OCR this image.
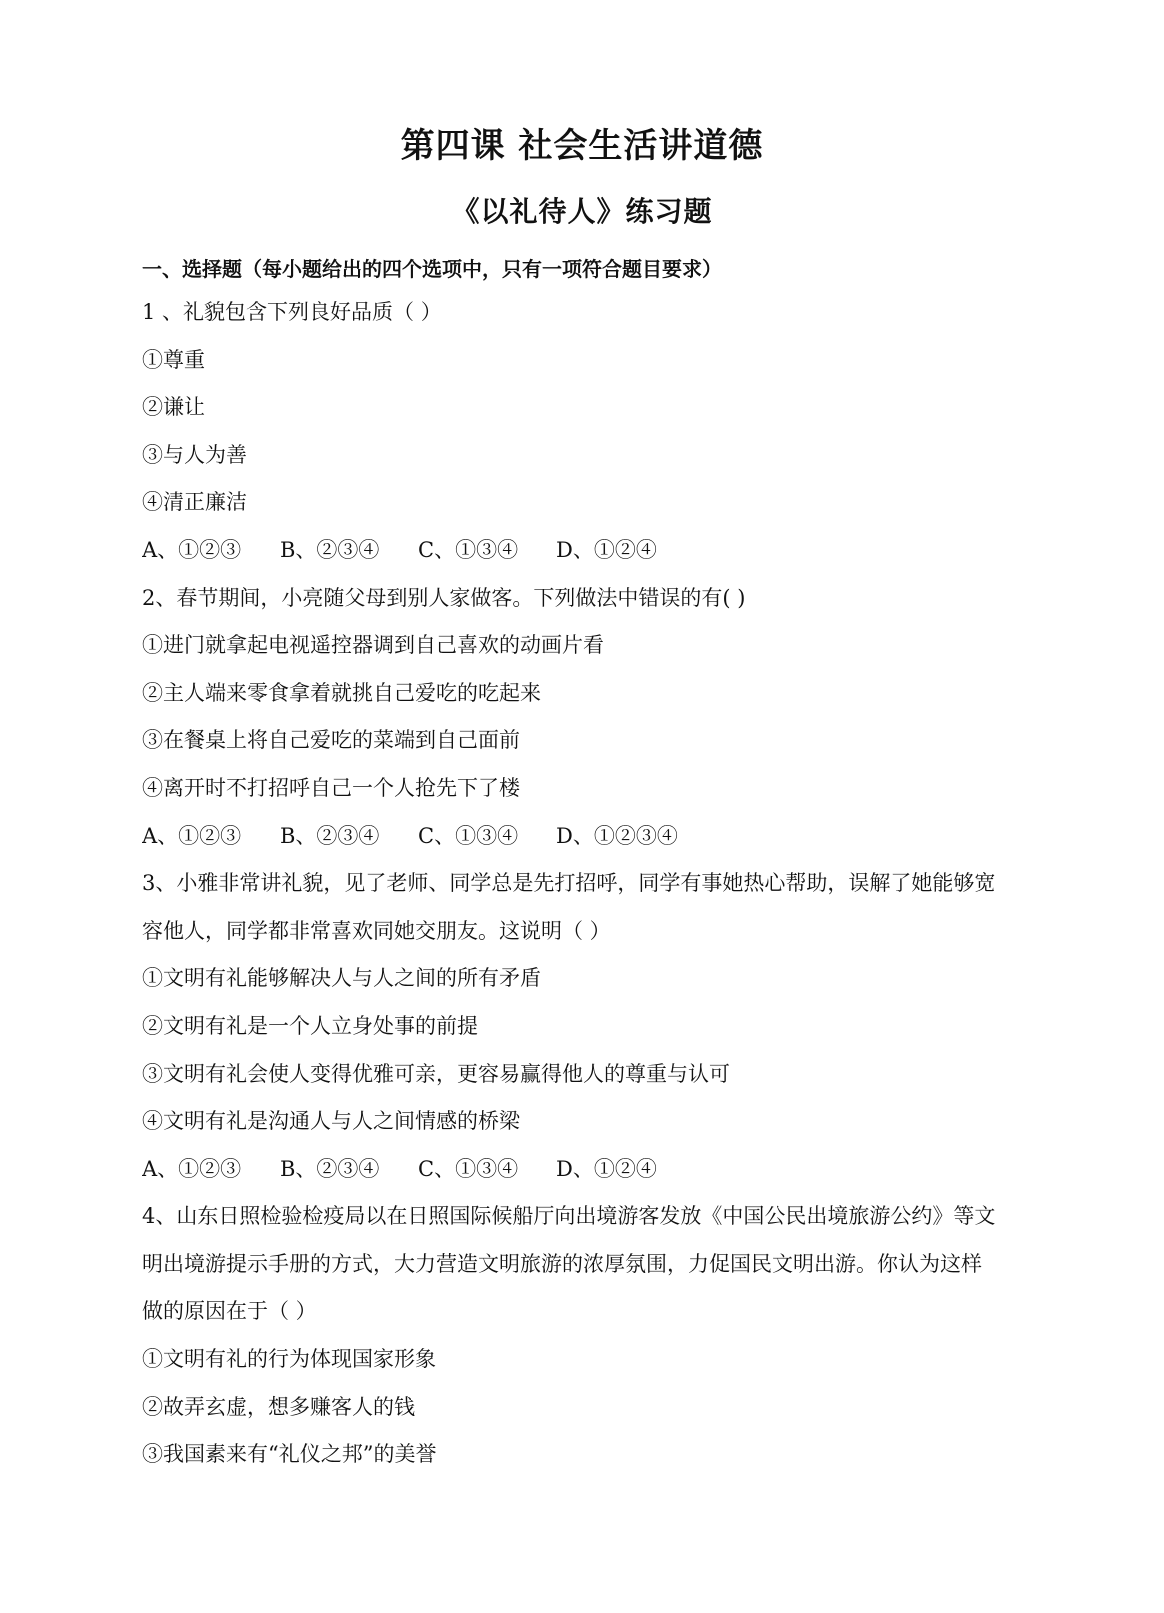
第四课 社会生活讲道德
《以礼待人》练习题
一、选择题（每小题给出的四个选项中，只有一项符合题目要求）
1 、礼貌包含下列良好品质（ ）
①尊重
②谦让
③与人为善
④清正廉洁
A、①②③	B、②③④	C、①③④	D、①②④
2、春节期间，小亮随父母到别人家做客。下列做法中错误的有( )
①进门就拿起电视遥控器调到自己喜欢的动画片看
②主人端来零食拿着就挑自己爱吃的吃起来
③在餐桌上将自己爱吃的菜端到自己面前
④离开时不打招呼自己一个人抢先下了楼
A、①②③	B、②③④	C、①③④	D、①②③④
3、小雅非常讲礼貌，见了老师、同学总是先打招呼，同学有事她热心帮助，误解了她能够宽
容他人，同学都非常喜欢同她交朋友。这说明（ ）
①文明有礼能够解决人与人之间的所有矛盾
②文明有礼是一个人立身处事的前提
③文明有礼会使人变得优雅可亲，更容易赢得他人的尊重与认可
④文明有礼是沟通人与人之间情感的桥梁
A、①②③	B、②③④	C、①③④	D、①②④
4、山东日照检验检疫局以在日照国际候船厅向出境游客发放《中国公民出境旅游公约》等文
明出境游提示手册的方式，大力营造文明旅游的浓厚氛围，力促国民文明出游。你认为这样
做的原因在于（ ）
①文明有礼的行为体现国家形象
②故弄玄虚，想多赚客人的钱
③我国素来有“礼仪之邦”的美誉
